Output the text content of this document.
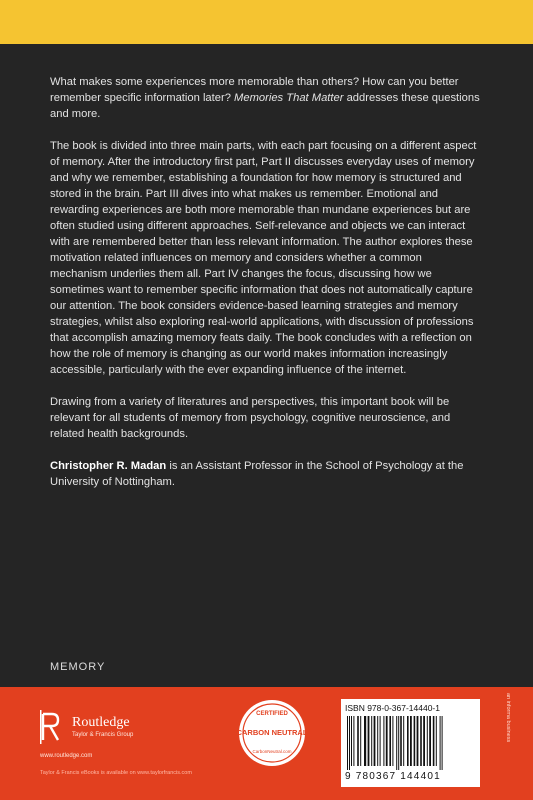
What makes some experiences more memorable than others? How can you better remember specific information later? Memories That Matter addresses these questions and more.

The book is divided into three main parts, with each part focusing on a different aspect of memory. After the introductory first part, Part II discusses everyday uses of memory and why we remember, establishing a foundation for how memory is structured and stored in the brain. Part III dives into what makes us remember. Emotional and rewarding experiences are both more memorable than mundane experiences but are often studied using different approaches. Self-relevance and objects we can interact with are remembered better than less relevant information. The author explores these motivation related influences on memory and considers whether a common mechanism underlies them all. Part IV changes the focus, discussing how we sometimes want to remember specific information that does not automatically capture our attention. The book considers evidence-based learning strategies and memory strategies, whilst also exploring real-world applications, with discussion of professions that accomplish amazing memory feats daily. The book concludes with a reflection on how the role of memory is changing as our world makes information increasingly accessible, particularly with the ever expanding influence of the internet.

Drawing from a variety of literatures and perspectives, this important book will be relevant for all students of memory from psychology, cognitive neuroscience, and related health backgrounds.

Christopher R. Madan is an Assistant Professor in the School of Psychology at the University of Nottingham.

MEMORY
Routledge
Taylor & Francis Group
www.routledge.com
Taylor & Francis eBooks is available on www.taylorfrancis.com
CERTIFIED
CARBON NEUTRAL
CarbonNeutral.com
ISBN 978-0-367-14440-1
9 780367 144401
an informa business
